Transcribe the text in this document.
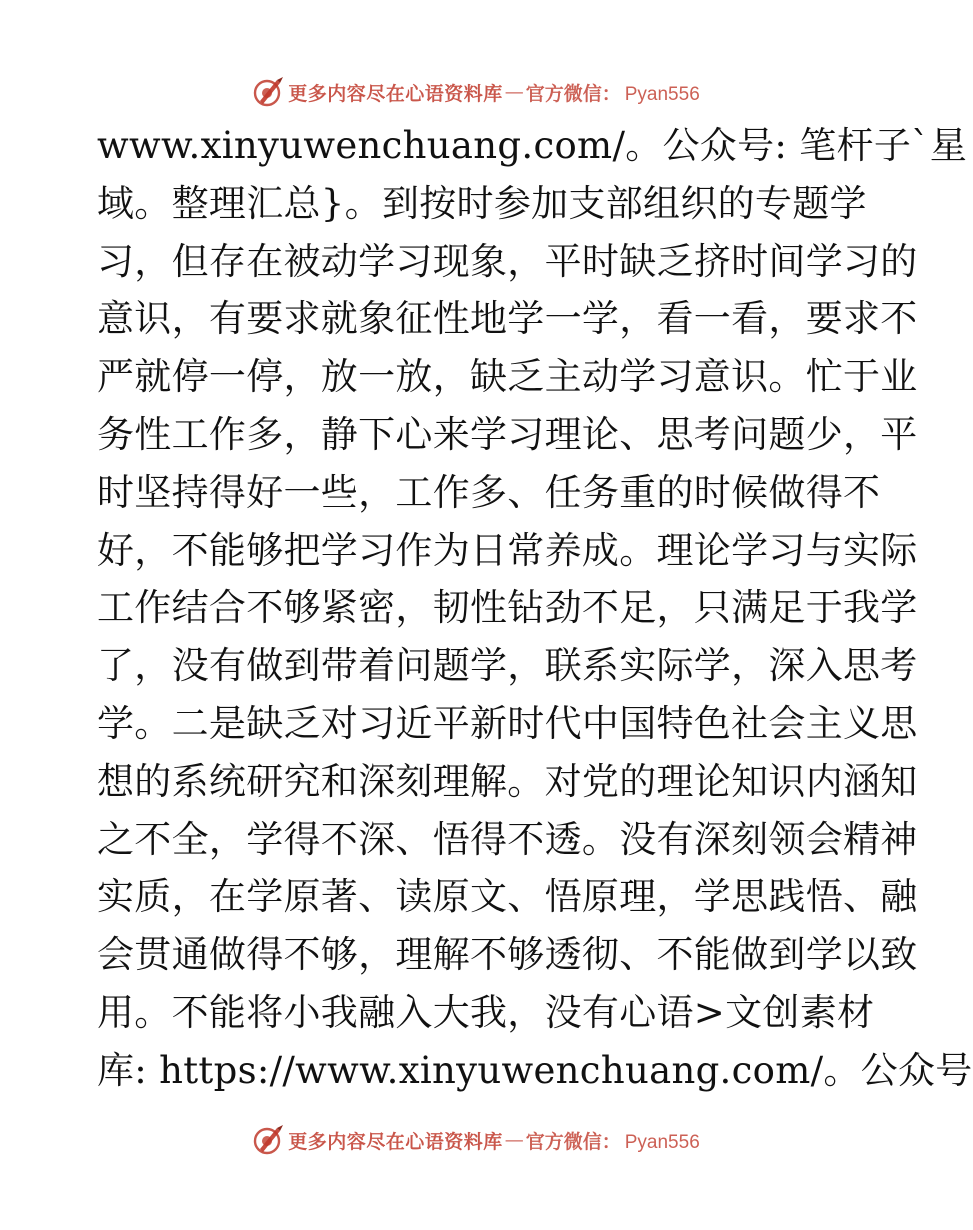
更多内容尽在心语资料库 — 官方微信： Pyan556
www.xinyuwenchuang.com/。公众号: 笔杆子`星
域。整理汇总}。到按时参加支部组织的专题学
习，但存在被动学习现象，平时缺乏挤时间学习的
意识，有要求就象征性地学一学，看一看，要求不
严就停一停，放一放，缺乏主动学习意识。忙于业
务性工作多，静下心来学习理论、思考问题少，平
时坚持得好一些，工作多、任务重的时候做得不
好，不能够把学习作为日常养成。理论学习与实际
工作结合不够紧密，韧性钻劲不足，只满足于我学
了，没有做到带着问题学，联系实际学，深入思考
学。二是缺乏对习近平新时代中国特色社会主义思
想的系统研究和深刻理解。对党的理论知识内涵知
之不全，学得不深、悟得不透。没有深刻领会精神
实质，在学原著、读原文、悟原理，学思践悟、融
会贯通做得不够，理解不够透彻、不能做到学以致
用。不能将小我融入大我，没有心语>文创素材
库: https://www.xinyuwenchuang.com/。公众号
更多内容尽在心语资料库 — 官方微信： Pyan556
